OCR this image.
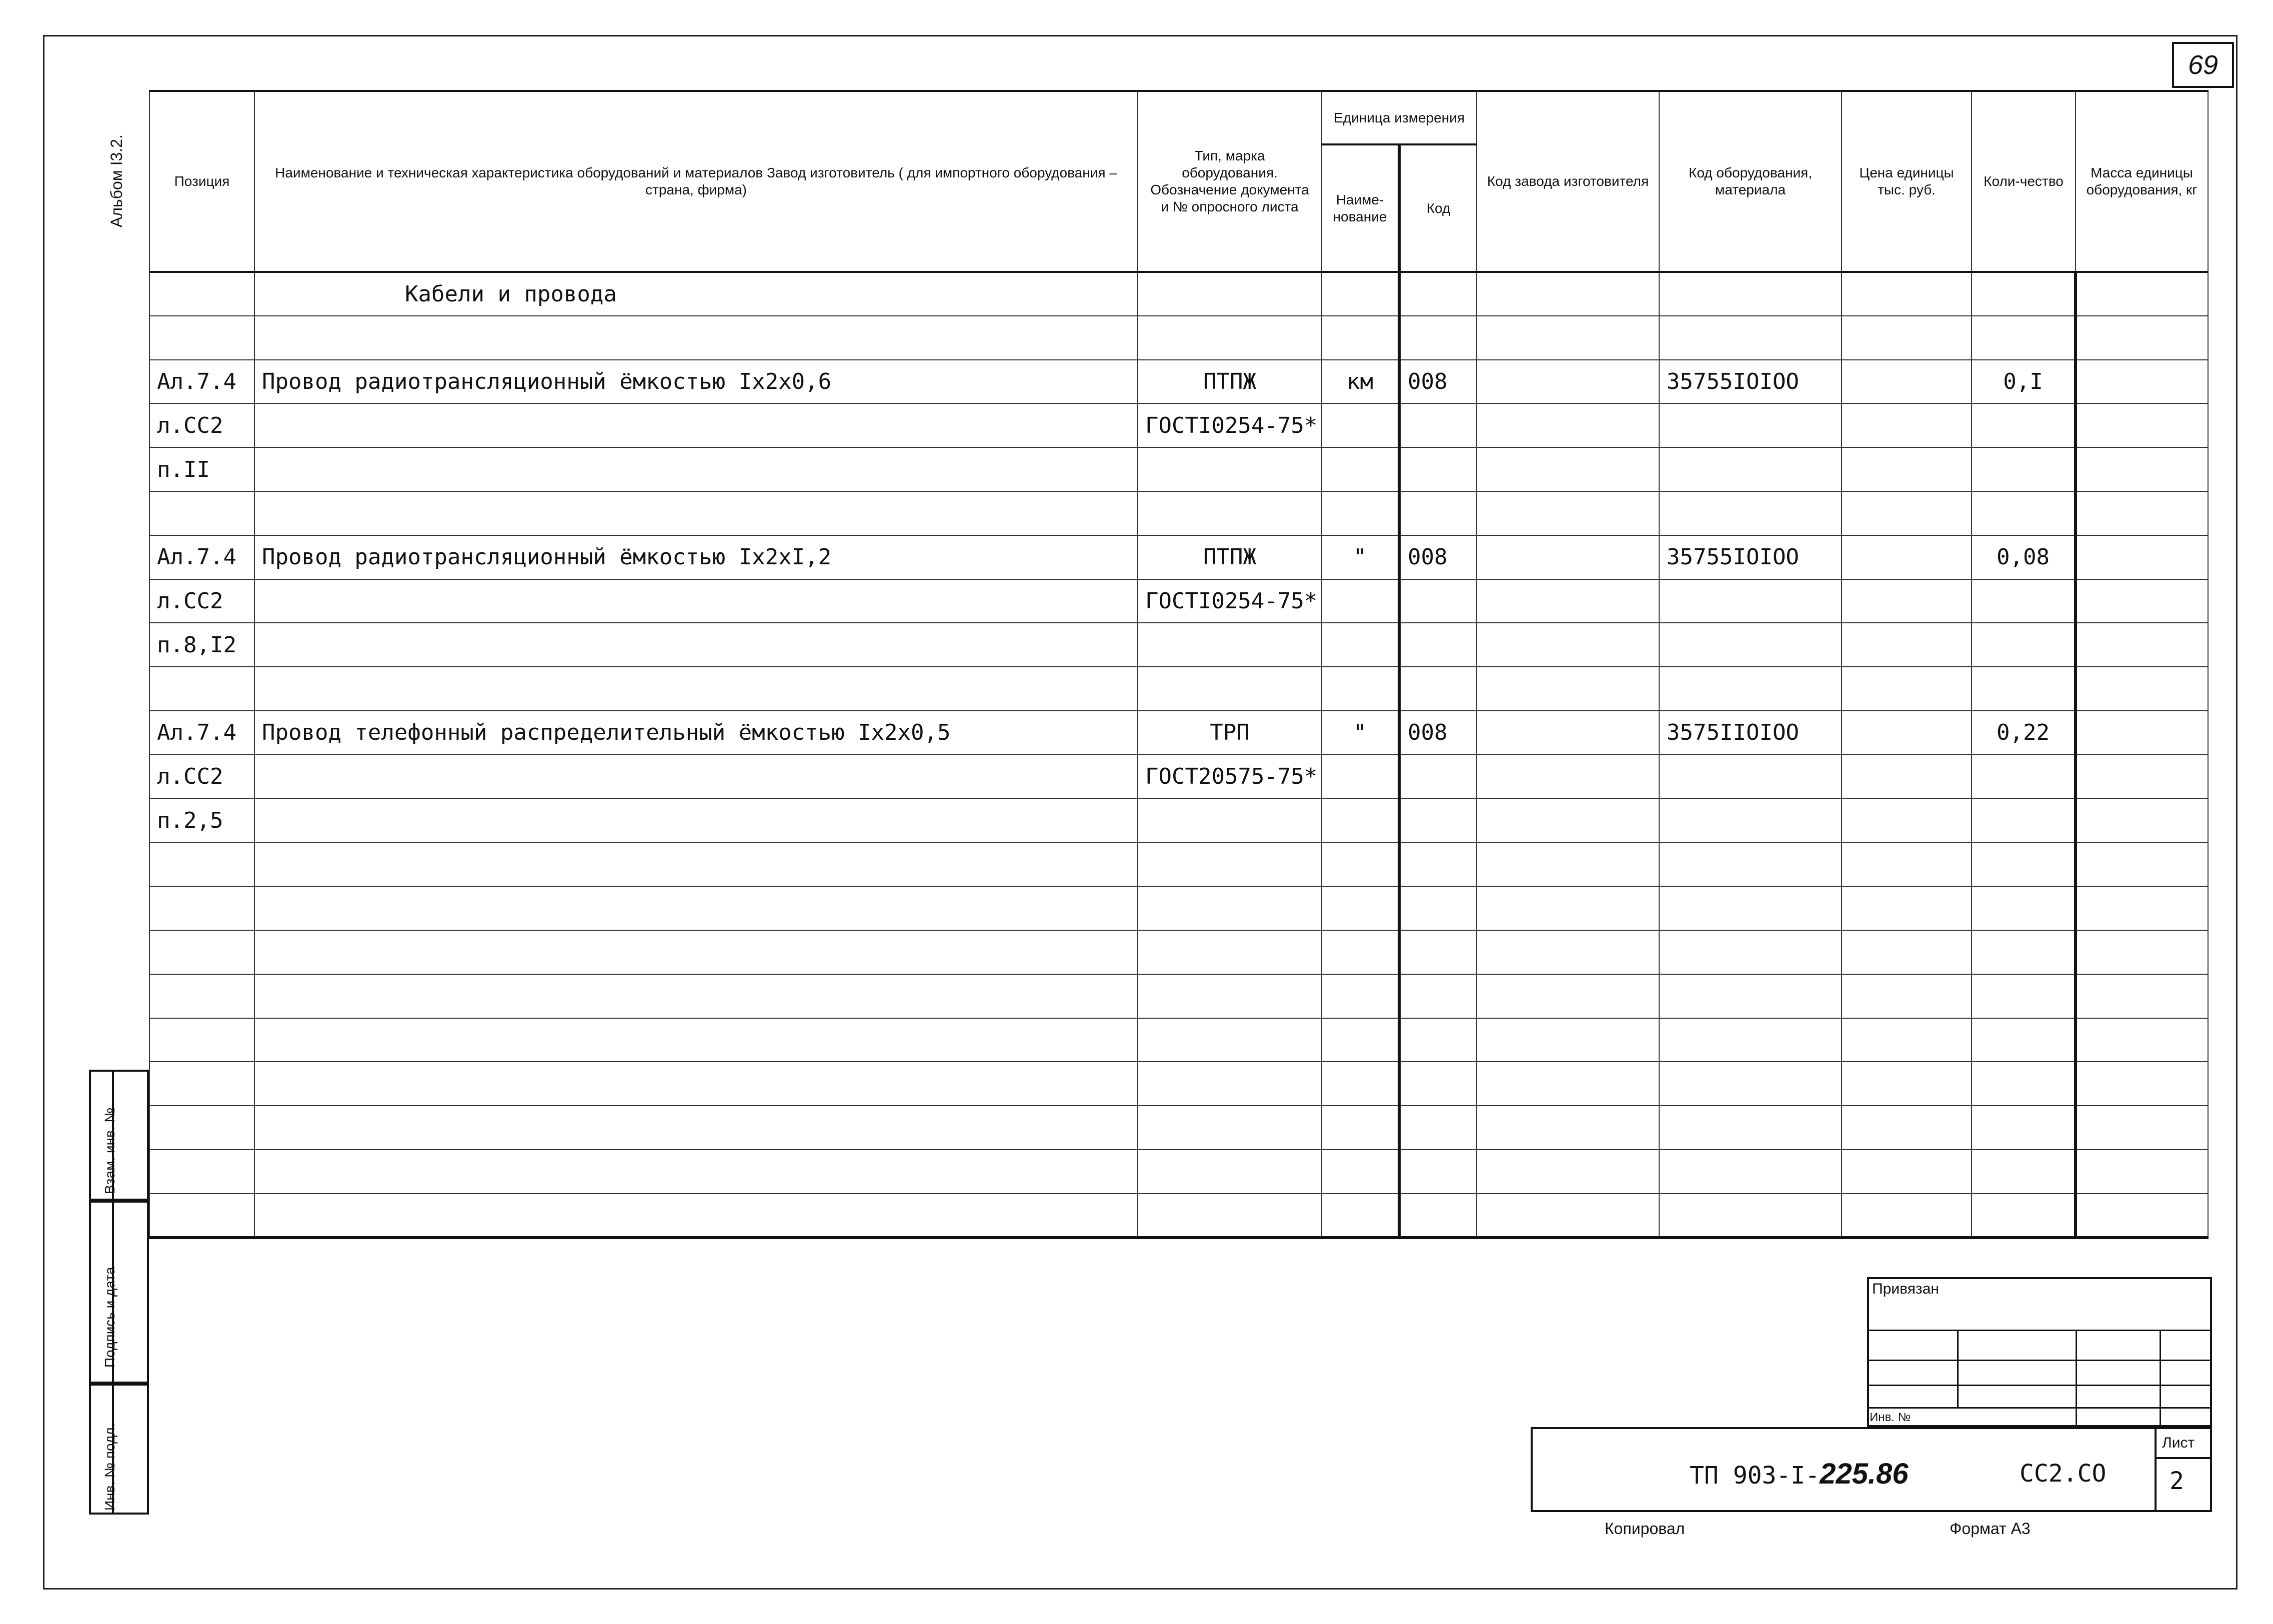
69
Альбом I3.2.
Взам. инв. №
Подпись и дата
Инв. № подл.
Позиция	Наименование и техническая характеристика оборудований и материалов Завод изготовитель ( для импортного оборудования – страна, фирма)	Тип, марка оборудования. Обозначение документа и № опросного листа	Единица измерения		Код завода изготовителя	Код оборудования, материала	Цена единицы тыс. руб.	Коли-чество	Масса единицы оборудования, кг
			Наиме-нование	Код					
	Кабели и провода								

Ал.7.4	Провод радиотрансляционный ёмкостью Iх2х0,6	ПТПЖ	км	008		35755IOIOO		0,I	
л.СС2		ГОСТI0254-75*							
п.II									

Ал.7.4	Провод радиотрансляционный ёмкостью Iх2хI,2	ПТПЖ	"	008		35755IOIOO		0,08	
л.СС2		ГОСТI0254-75*							
п.8,I2									

Ал.7.4	Провод телефонный распределительный ёмкостью Iх2х0,5	ТРП	"	008		3575IIOIOO		0,22	
л.СС2		ГОСТ20575-75*							
п.2,5									

Привязан
Инв. №
Лист
2
ТП 903-I-225.86	СС2.СО
Копировал	Формат А3
